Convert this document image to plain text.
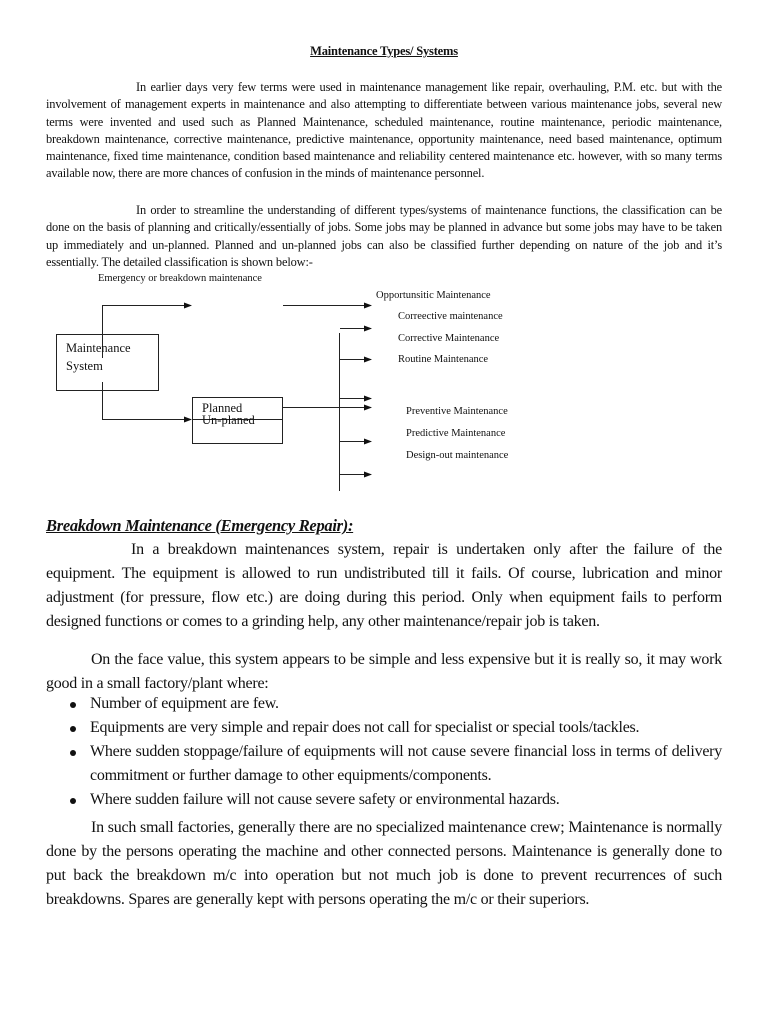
Maintenance Types/ Systems
In earlier days very few terms were used in maintenance management like repair, overhauling, P.M. etc. but with the involvement of management experts in maintenance and also attempting to differentiate between various maintenance jobs, several new terms were invented and used such as Planned Maintenance, scheduled maintenance, routine maintenance, periodic maintenance, breakdown maintenance, corrective maintenance, predictive maintenance, opportunity maintenance, need based maintenance, optimum maintenance, fixed time maintenance, condition based maintenance and reliability centered maintenance etc. however, with so many terms available now, there are more chances of confusion in the minds of maintenance personnel.
In order to streamline the understanding of different types/systems of maintenance functions, the classification can be done on the basis of planning and critically/essentially of jobs. Some jobs may be planned in advance but some jobs may have to be taken up immediately and un-planned. Planned and un-planned jobs can also be classified further depending on nature of the job and it’s essentially. The detailed classification is shown below:-
Emergency or breakdown maintenance
Maintenance
System
Planned
Un-planed
Opportunsitic Maintenance
Correective maintenance
Corrective Maintenance
Routine Maintenance
Preventive Maintenance
Predictive Maintenance
Design-out maintenance
Breakdown Maintenance (Emergency Repair):
In a breakdown maintenances system, repair is undertaken only after the failure of the equipment. The equipment is allowed to run undistributed till it fails. Of course, lubrication and minor adjustment (for pressure, flow etc.) are doing during this period. Only when equipment fails to perform designed functions or comes to a grinding help, any other maintenance/repair job is taken.
On the face value, this system appears to be simple and less expensive but it is really so, it may work good in a small factory/plant where:
Number of equipment are few.
Equipments are very simple and repair does not call for specialist or special tools/tackles.
Where sudden stoppage/failure of equipments will not cause severe financial loss in terms of delivery commitment or further damage to other equipments/components.
Where sudden failure will not cause severe safety or environmental hazards.
In such small factories, generally there are no specialized maintenance crew; Maintenance is normally done by the persons operating the machine and other connected persons. Maintenance is generally done to put back the breakdown m/c into operation but not much job is done to prevent recurrences of such breakdowns. Spares are generally kept with persons operating the m/c or their superiors.
